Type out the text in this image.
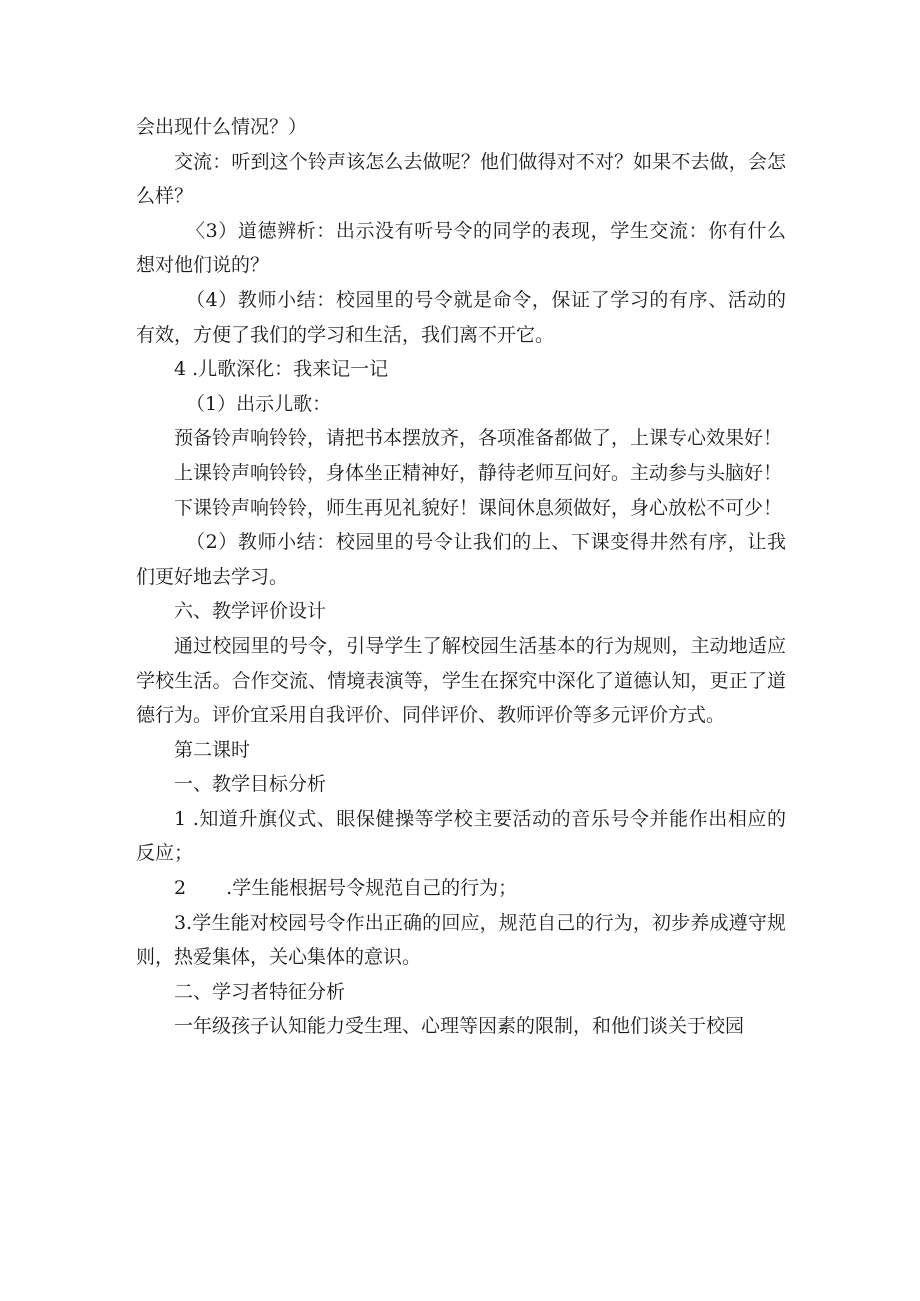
会出现什么情况？）

交流：听到这个铃声该怎么去做呢？他们做得对不对？如果不去做，会怎么样？

〈3）道德辨析：出示没有听号令的同学的表现，学生交流：你有什么想对他们说的？

（4）教师小结：校园里的号令就是命令，保证了学习的有序、活动的有效，方便了我们的学习和生活，我们离不开它。

4 .儿歌深化：我来记一记

（1）出示儿歌：

预备铃声响铃铃，请把书本摆放齐，各项准备都做了，上课专心效果好！

上课铃声响铃铃，身体坐正精神好，静待老师互问好。主动参与头脑好！

下课铃声响铃铃，师生再见礼貌好！课间休息须做好，身心放松不可少！

（2）教师小结：校园里的号令让我们的上、下课变得井然有序，让我们更好地去学习。

六、教学评价设计

通过校园里的号令，引导学生了解校园生活基本的行为规则，主动地适应学校生活。合作交流、情境表演等，学生在探究中深化了道德认知，更正了道德行为。评价宜采用自我评价、同伴评价、教师评价等多元评价方式。

第二课时

一、教学目标分析

1 .知道升旗仪式、眼保健操等学校主要活动的音乐号令并能作出相应的反应；

2 .学生能根据号令规范自己的行为；

3.学生能对校园号令作出正确的回应，规范自己的行为，初步养成遵守规则，热爱集体，关心集体的意识。

二、学习者特征分析

一年级孩子认知能力受生理、心理等因素的限制，和他们谈关于校园
